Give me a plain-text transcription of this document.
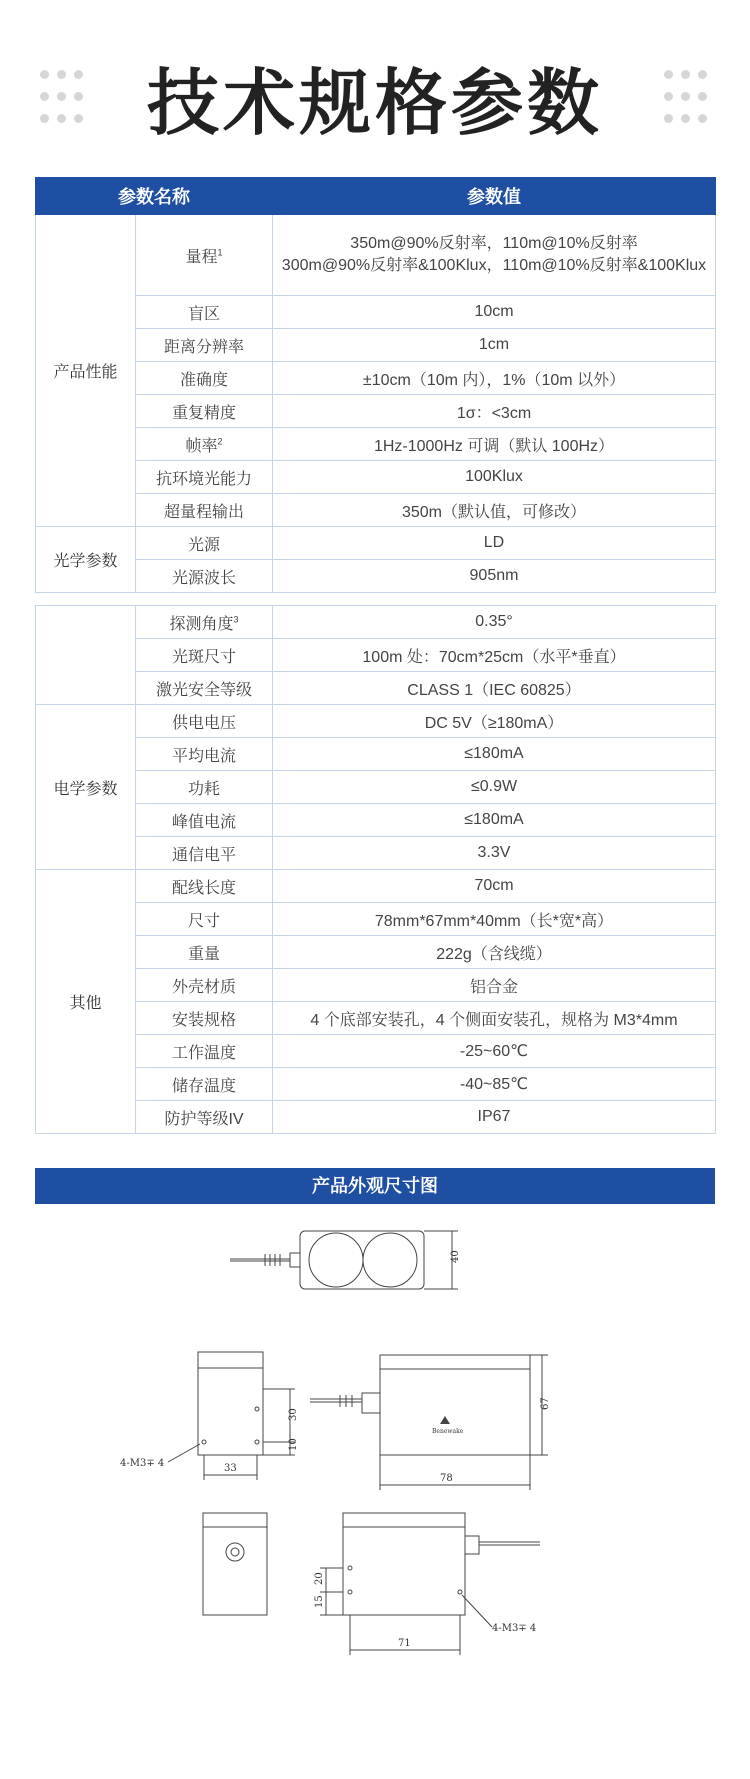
技术规格参数
参数名称		参数值
产品性能	量程$^1$	350m@90%反射率，110m@10%反射率
300m@90%反射率&100Klux，110m@10%反射率&100Klux

	盲区	10cm
	距离分辨率	1cm
	准确度	±10cm（10m 内），1%（10m 以外）
	重复精度	1σ：<3cm
	帧率$^2$	1Hz-1000Hz 可调（默认 100Hz）
	抗环境光能力	100Klux
	超量程输出	350m（默认值，可修改）
光学参数	光源	LD
	光源波长	905nm
	探测角度$^3$	0.35°
	光斑尺寸	100m 处：70cm*25cm（水平*垂直）
	激光安全等级	CLASS 1（IEC 60825）
电学参数	供电电压	DC 5V（≥180mA）
	平均电流	≤180mA
	功耗	≤0.9W
	峰值电流	≤180mA
	通信电平	3.3V
其他	配线长度	70cm
	尺寸	78mm*67mm*40mm（长*宽*高）
	重量	222g（含线缆）
	外壳材质	铝合金
	安装规格	4 个底部安装孔，4 个侧面安装孔，规格为 M3*4mm
	工作温度	-25~60℃
	储存温度	-40~85℃
	防护等级IV	IP67
产品外观尺寸图
40
30
10
33
78
67
20
15
71
4-M3∓ 4
4-M3∓ 4
Benewake
